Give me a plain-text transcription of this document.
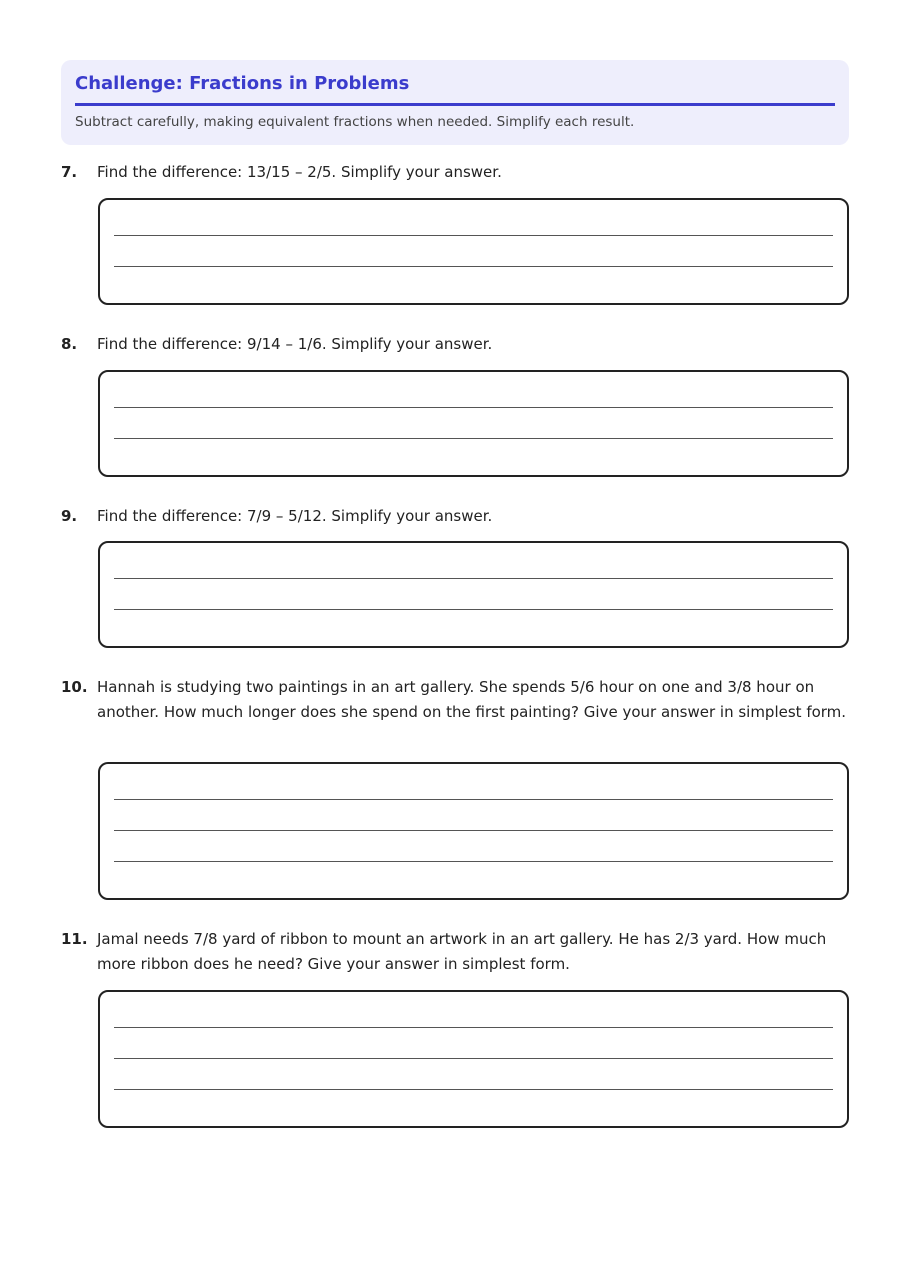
Challenge: Fractions in Problems
Subtract carefully, making equivalent fractions when needed. Simplify each result.
7. Find the difference: 13/15 – 2/5. Simplify your answer.
8. Find the difference: 9/14 – 1/6. Simplify your answer.
9. Find the difference: 7/9 – 5/12. Simplify your answer.
10. Hannah is studying two paintings in an art gallery. She spends 5/6 hour on one and 3/8 hour on another. How much longer does she spend on the first painting? Give your answer in simplest form.
11. Jamal needs 7/8 yard of ribbon to mount an artwork in an art gallery. He has 2/3 yard. How much more ribbon does he need? Give your answer in simplest form.
